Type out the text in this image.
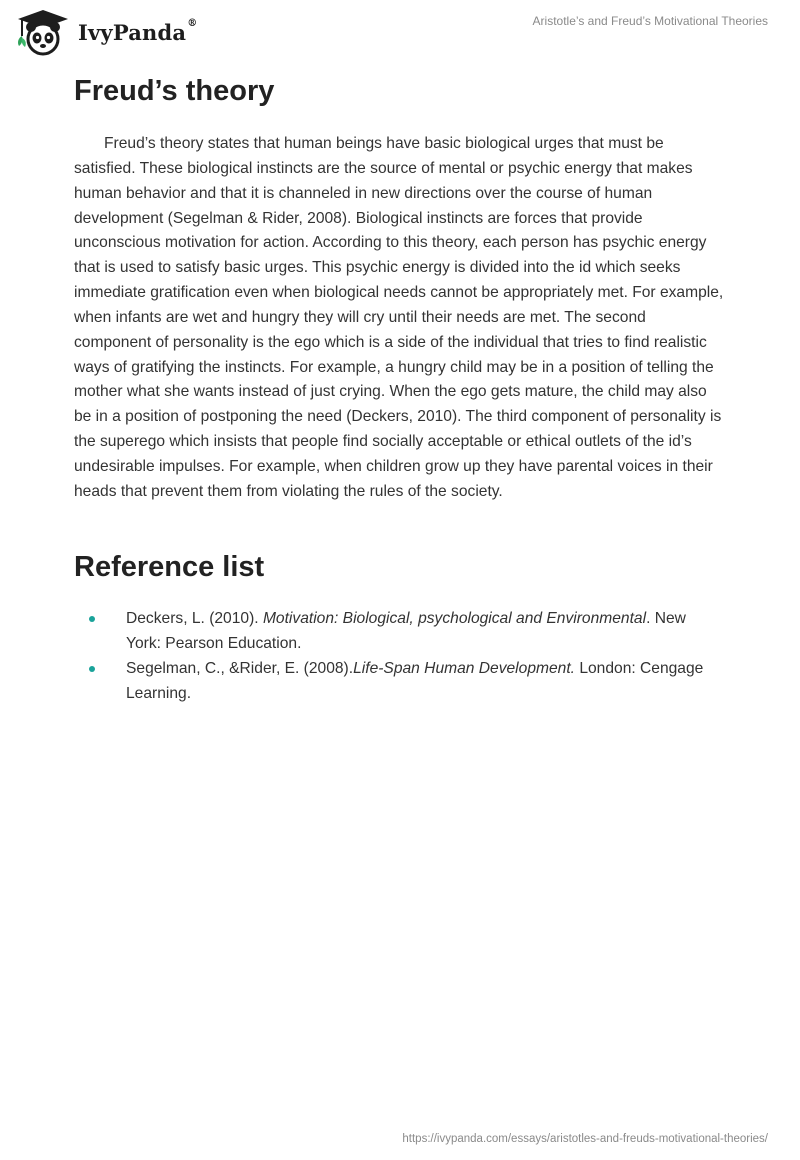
IvyPanda®	Aristotle’s and Freud’s Motivational Theories
Freud’s theory

Freud’s theory states that human beings have basic biological urges that must be satisfied. These biological instincts are the source of mental or psychic energy that makes human behavior and that it is channeled in new directions over the course of human development (Segelman & Rider, 2008). Biological instincts are forces that provide unconscious motivation for action. According to this theory, each person has psychic energy that is used to satisfy basic urges. This psychic energy is divided into the id which seeks immediate gratification even when biological needs cannot be appropriately met. For example, when infants are wet and hungry they will cry until their needs are met. The second component of personality is the ego which is a side of the individual that tries to find realistic ways of gratifying the instincts. For example, a hungry child may be in a position of telling the mother what she wants instead of just crying. When the ego gets mature, the child may also be in a position of postponing the need (Deckers, 2010). The third component of personality is the superego which insists that people find socially acceptable or ethical outlets of the id’s undesirable impulses. For example, when children grow up they have parental voices in their heads that prevent them from violating the rules of the society.

Reference list
Deckers, L. (2010). Motivation: Biological, psychological and Environmental. New York: Pearson Education.
Segelman, C., &Rider, E. (2008).Life-Span Human Development. London: Cengage Learning.
https://ivypanda.com/essays/aristotles-and-freuds-motivational-theories/
